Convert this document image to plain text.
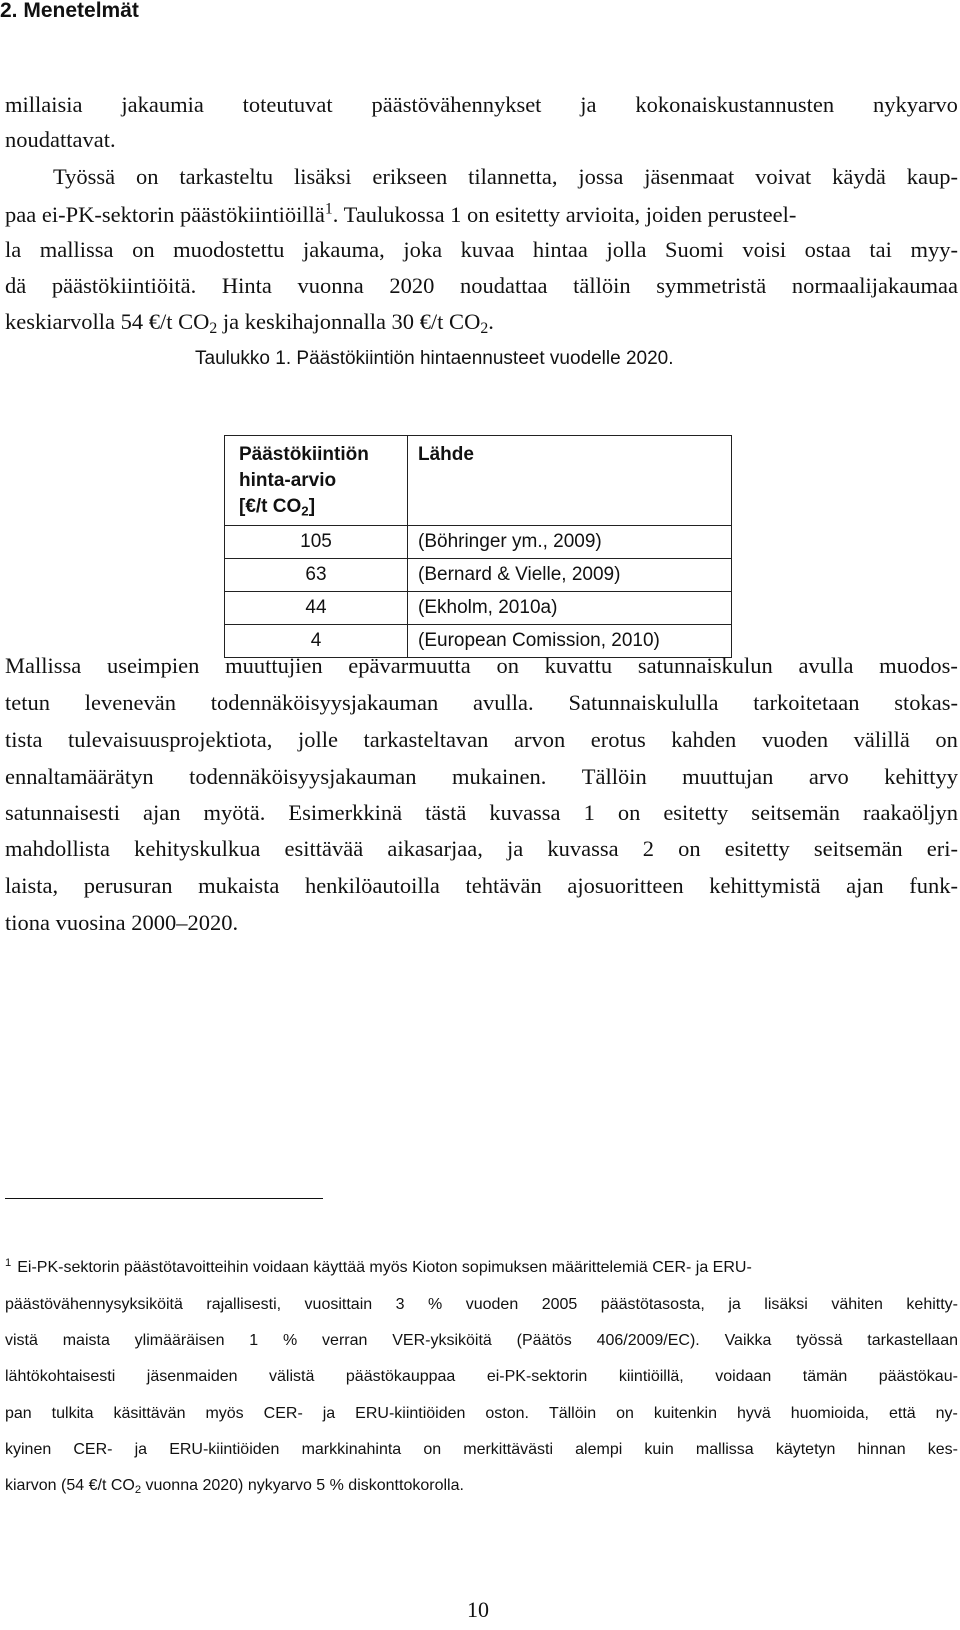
2. Menetelmät
millaisia jakaumia toteutuvat päästövähennykset ja kokonaiskustannusten nykyarvo
noudattavat.
Työssä on tarkasteltu lisäksi erikseen tilannetta, jossa jäsenmaat voivat käydä kaup-
paa ei-PK-sektorin päästökiintiöillä$^1$. Taulukossa 1 on esitetty arvioita, joiden perusteel-
la mallissa on muodostettu jakauma, joka kuvaa hintaa jolla Suomi voisi ostaa tai myy-
dä päästökiintiöitä. Hinta vuonna 2020 noudattaa tällöin symmetristä normaalijakaumaa
keskiarvolla 54 €/t $CO_2$ ja keskihajonnalla 30 €/t $CO_2$.
Taulukko 1. Päästökiintiön hintaennusteet vuodelle 2020.
Päästökiintiön
hinta-arvio
[€/t $CO_2$]	Lähde
105	(Böhringer ym., 2009)
63	(Bernard & Vielle, 2009)
44	(Ekholm, 2010a)
4	(European Comission, 2010)
Mallissa useimpien muuttujien epävarmuutta on kuvattu satunnaiskulun avulla muodos-
tetun levenevän todennäköisyysjakauman avulla. Satunnaiskululla tarkoitetaan stokas-
tista tulevaisuusprojektiota, jolle tarkasteltavan arvon erotus kahden vuoden välillä on
ennaltamäärätyn todennäköisyysjakauman mukainen. Tällöin muuttujan arvo kehittyy
satunnaisesti ajan myötä. Esimerkkinä tästä kuvassa 1 on esitetty seitsemän raakaöljyn
mahdollista kehityskulkua esittävää aikasarjaa, ja kuvassa 2 on esitetty seitsemän eri-
laista, perusuran mukaista henkilöautoilla tehtävän ajosuoritteen kehittymistä ajan funk-
tiona vuosina 2000–2020.
$^1$ Ei-PK-sektorin päästötavoitteihin voidaan käyttää myös Kioton sopimuksen määrittelemiä CER- ja ERU-
päästövähennysyksiköitä rajallisesti, vuosittain 3 % vuoden 2005 päästötasosta, ja lisäksi vähiten kehitty-
vistä maista ylimääräisen 1 % verran VER-yksiköitä (Päätös 406/2009/EC). Vaikka työssä tarkastellaan
lähtökohtaisesti jäsenmaiden välistä päästökauppaa ei-PK-sektorin kiintiöillä, voidaan tämän päästökau-
pan tulkita käsittävän myös CER- ja ERU-kiintiöiden oston. Tällöin on kuitenkin hyvä huomioida, että ny-
kyinen CER- ja ERU-kiintiöiden markkinahinta on merkittävästi alempi kuin mallissa käytetyn hinnan kes-
kiarvon (54 €/t $CO_2$ vuonna 2020) nykyarvo 5 % diskonttokorolla.
10
